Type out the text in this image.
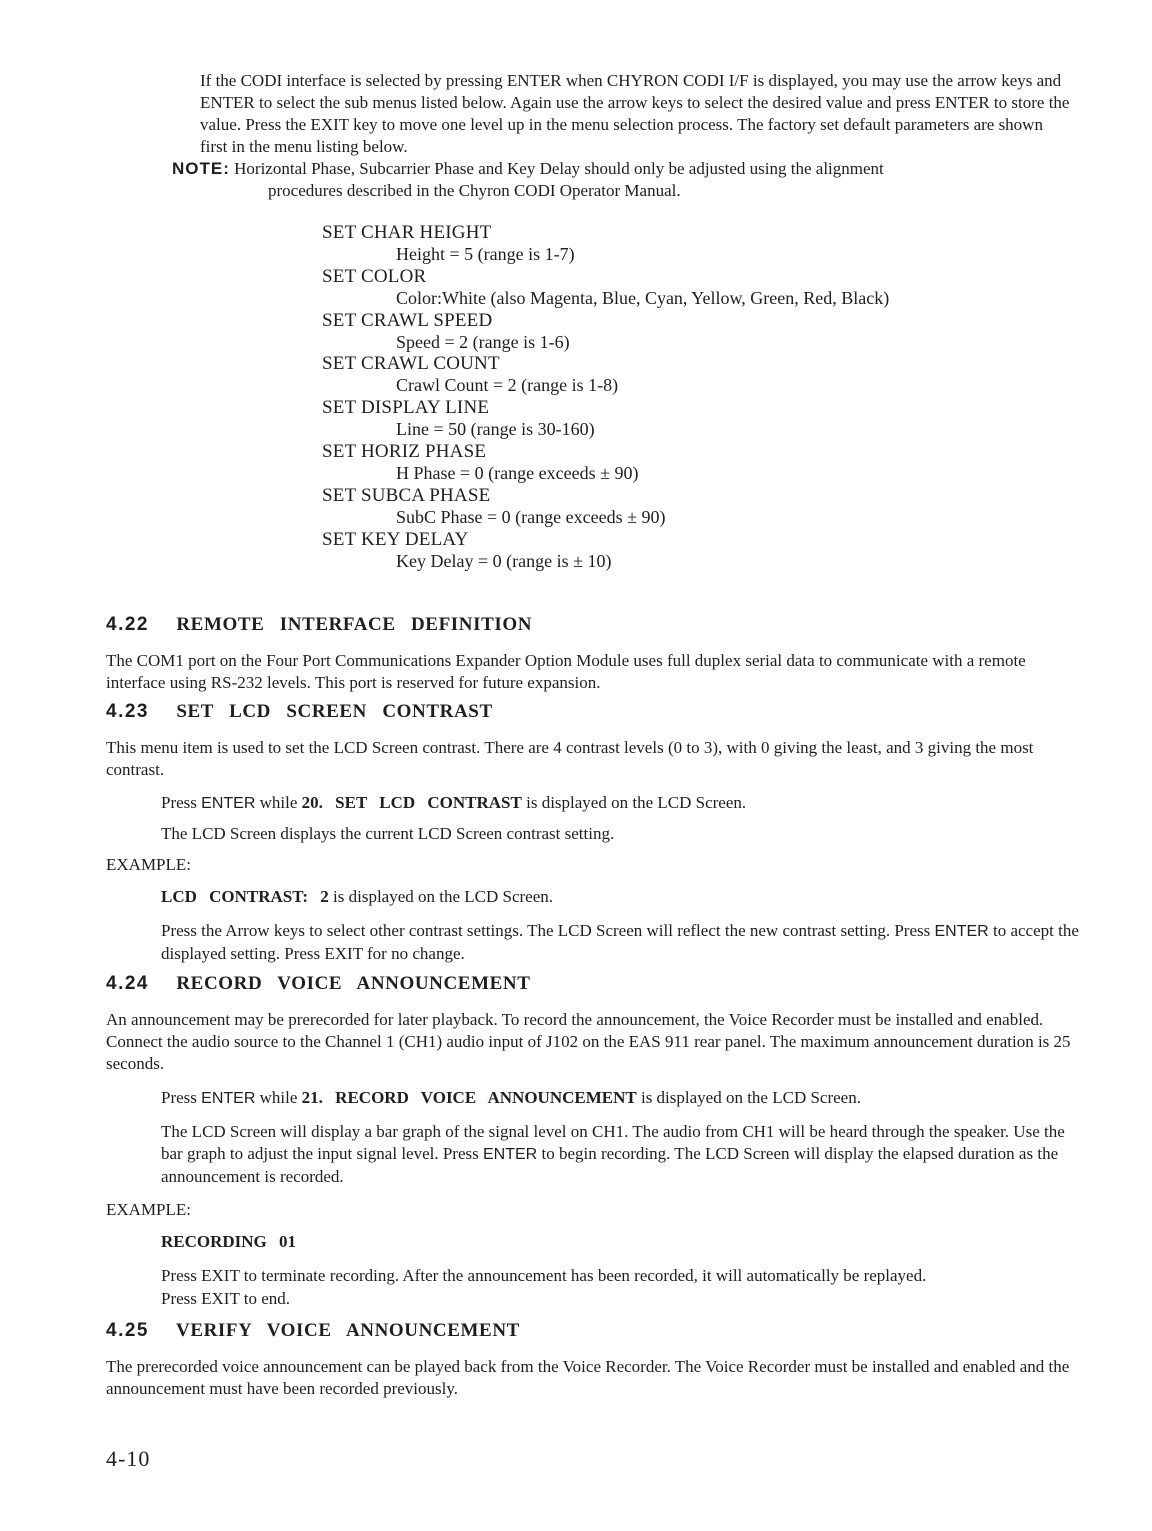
If the CODI interface is selected by pressing ENTER when CHYRON CODI I/F is displayed, you may use the arrow keys and ENTER to select the sub menus listed below. Again use the arrow keys to select the desired value and press ENTER to store the value. Press the EXIT key to move one level up in the menu selection process. The factory set default parameters are shown first in the menu listing below.

NOTE: Horizontal Phase, Subcarrier Phase and Key Delay should only be adjusted using the alignment
procedures described in the Chyron CODI Operator Manual.

SET CHAR HEIGHT
Height = 5 (range is 1-7)
SET COLOR
Color:White (also Magenta, Blue, Cyan, Yellow, Green, Red, Black)
SET CRAWL SPEED
Speed = 2 (range is 1-6)
SET CRAWL COUNT
Crawl Count = 2 (range is 1-8)
SET DISPLAY LINE
Line = 50 (range is 30-160)
SET HORIZ PHASE
H Phase = 0 (range exceeds ± 90)
SET SUBCA PHASE
SubC Phase = 0 (range exceeds ± 90)
SET KEY DELAY
Key Delay = 0 (range is ± 10)
4.22 REMOTE INTERFACE DEFINITION

The COM1 port on the Four Port Communications Expander Option Module uses full duplex serial data to communicate with a remote interface using RS-232 levels. This port is reserved for future expansion.

4.23 SET LCD SCREEN CONTRAST

This menu item is used to set the LCD Screen contrast. There are 4 contrast levels (0 to 3), with 0 giving the least, and 3 giving the most contrast.

Press ENTER while 20. SET LCD CONTRAST is displayed on the LCD Screen.

The LCD Screen displays the current LCD Screen contrast setting.

EXAMPLE:

LCD CONTRAST: 2 is displayed on the LCD Screen.

Press the Arrow keys to select other contrast settings. The LCD Screen will reflect the new contrast setting. Press ENTER to accept the displayed setting. Press EXIT for no change.

4.24 RECORD VOICE ANNOUNCEMENT

An announcement may be prerecorded for later playback. To record the announcement, the Voice Recorder must be installed and enabled. Connect the audio source to the Channel 1 (CH1) audio input of J102 on the EAS 911 rear panel. The maximum announcement duration is 25 seconds.

Press ENTER while 21. RECORD VOICE ANNOUNCEMENT is displayed on the LCD Screen.

The LCD Screen will display a bar graph of the signal level on CH1. The audio from CH1 will be heard through the speaker. Use the bar graph to adjust the input signal level. Press ENTER to begin recording. The LCD Screen will display the elapsed duration as the announcement is recorded.

EXAMPLE:

RECORDING 01

Press EXIT to terminate recording. After the announcement has been recorded, it will automatically be replayed.

Press EXIT to end.

4.25 VERIFY VOICE ANNOUNCEMENT

The prerecorded voice announcement can be played back from the Voice Recorder. The Voice Recorder must be installed and enabled and the announcement must have been recorded previously.

4-10
